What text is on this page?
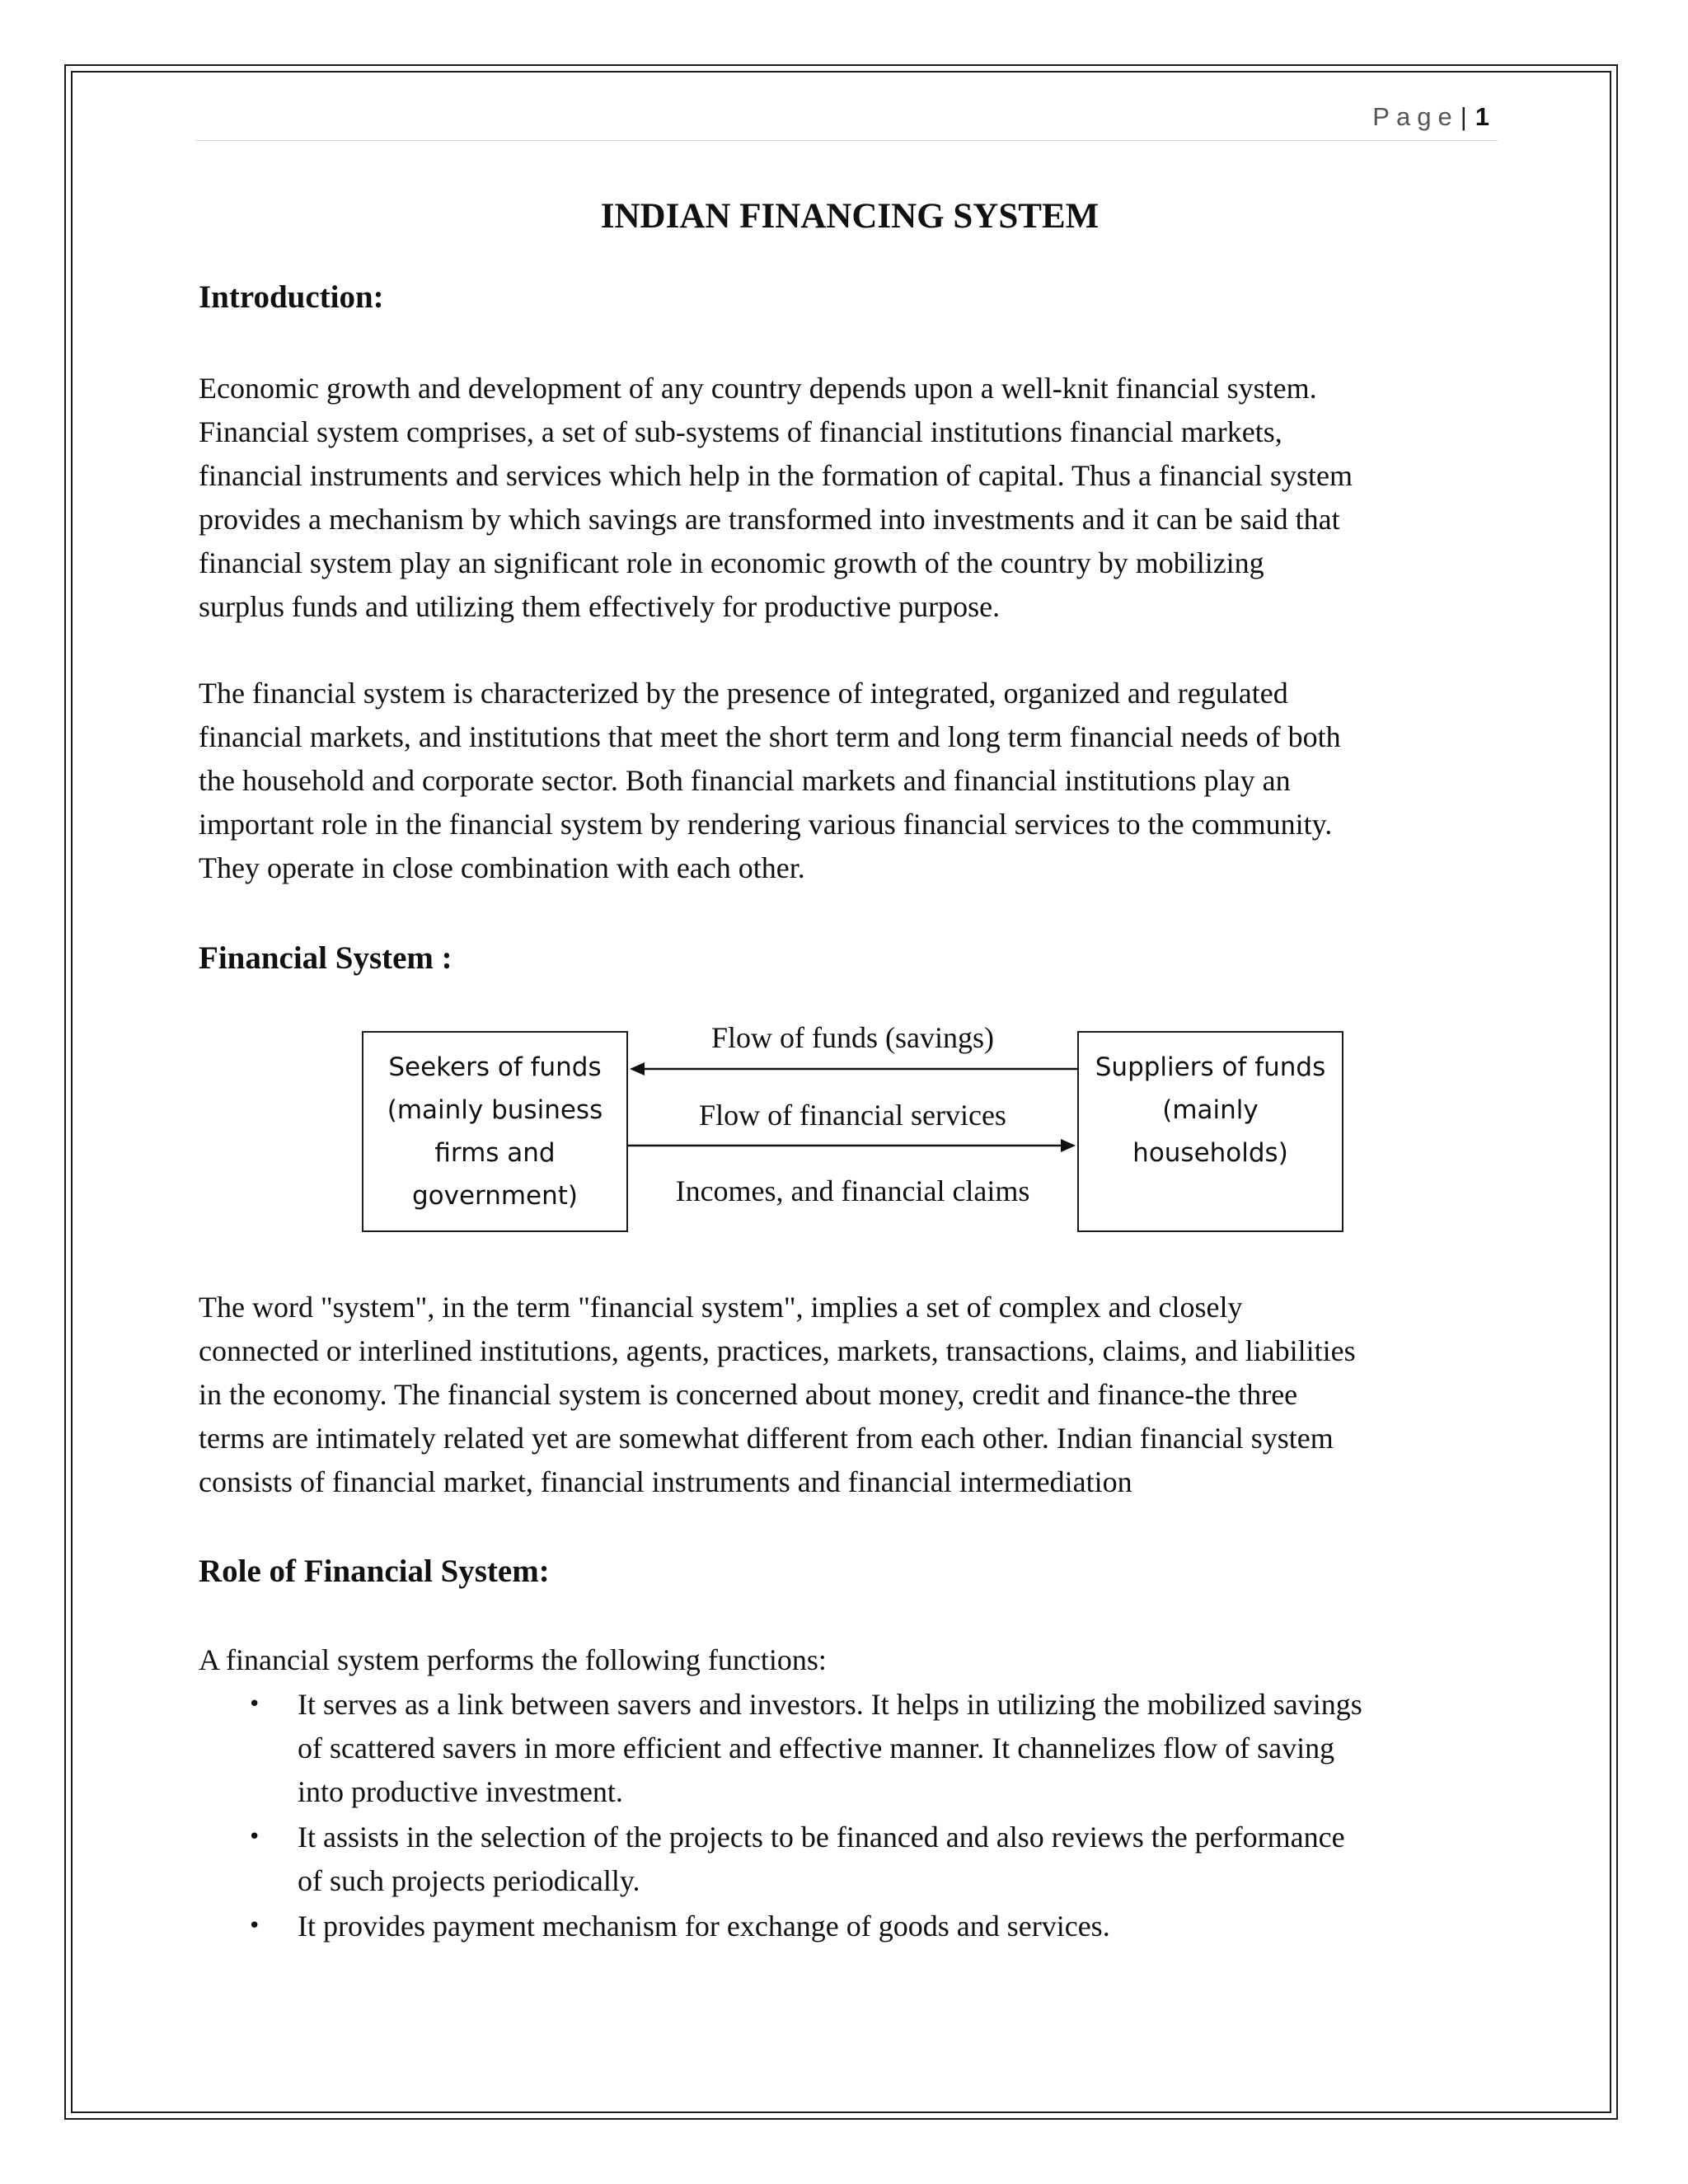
Page| 1
INDIAN FINANCING SYSTEM
Introduction:

Economic growth and development of any country depends upon a well-knit financial system.
Financial system comprises, a set of sub-systems of financial institutions financial markets,
financial instruments and services which help in the formation of capital. Thus a financial system
provides a mechanism by which savings are transformed into investments and it can be said that
financial system play an significant role in economic growth of the country by mobilizing
surplus funds and utilizing them effectively for productive purpose.

The financial system is characterized by the presence of integrated, organized and regulated
financial markets, and institutions that meet the short term and long term financial needs of both
the household and corporate sector. Both financial markets and financial institutions play an
important role in the financial system by rendering various financial services to the community.
They operate in close combination with each other.

Financial System :
Seekers of funds
(mainly business
firms and
government)
Suppliers of funds
(mainly
households)
Flow of funds (savings)
Flow of financial services
Incomes, and financial claims

The word "system", in the term "financial system", implies a set of complex and closely
connected or interlined institutions, agents, practices, markets, transactions, claims, and liabilities
in the economy. The financial system is concerned about money, credit and finance-the three
terms are intimately related yet are somewhat different from each other. Indian financial system
consists of financial market, financial instruments and financial intermediation

Role of Financial System:

A financial system performs the following functions:

• It serves as a link between savers and investors. It helps in utilizing the mobilized savings
of scattered savers in more efficient and effective manner. It channelizes flow of saving
into productive investment.
• It assists in the selection of the projects to be financed and also reviews the performance
of such projects periodically.
• It provides payment mechanism for exchange of goods and services.
